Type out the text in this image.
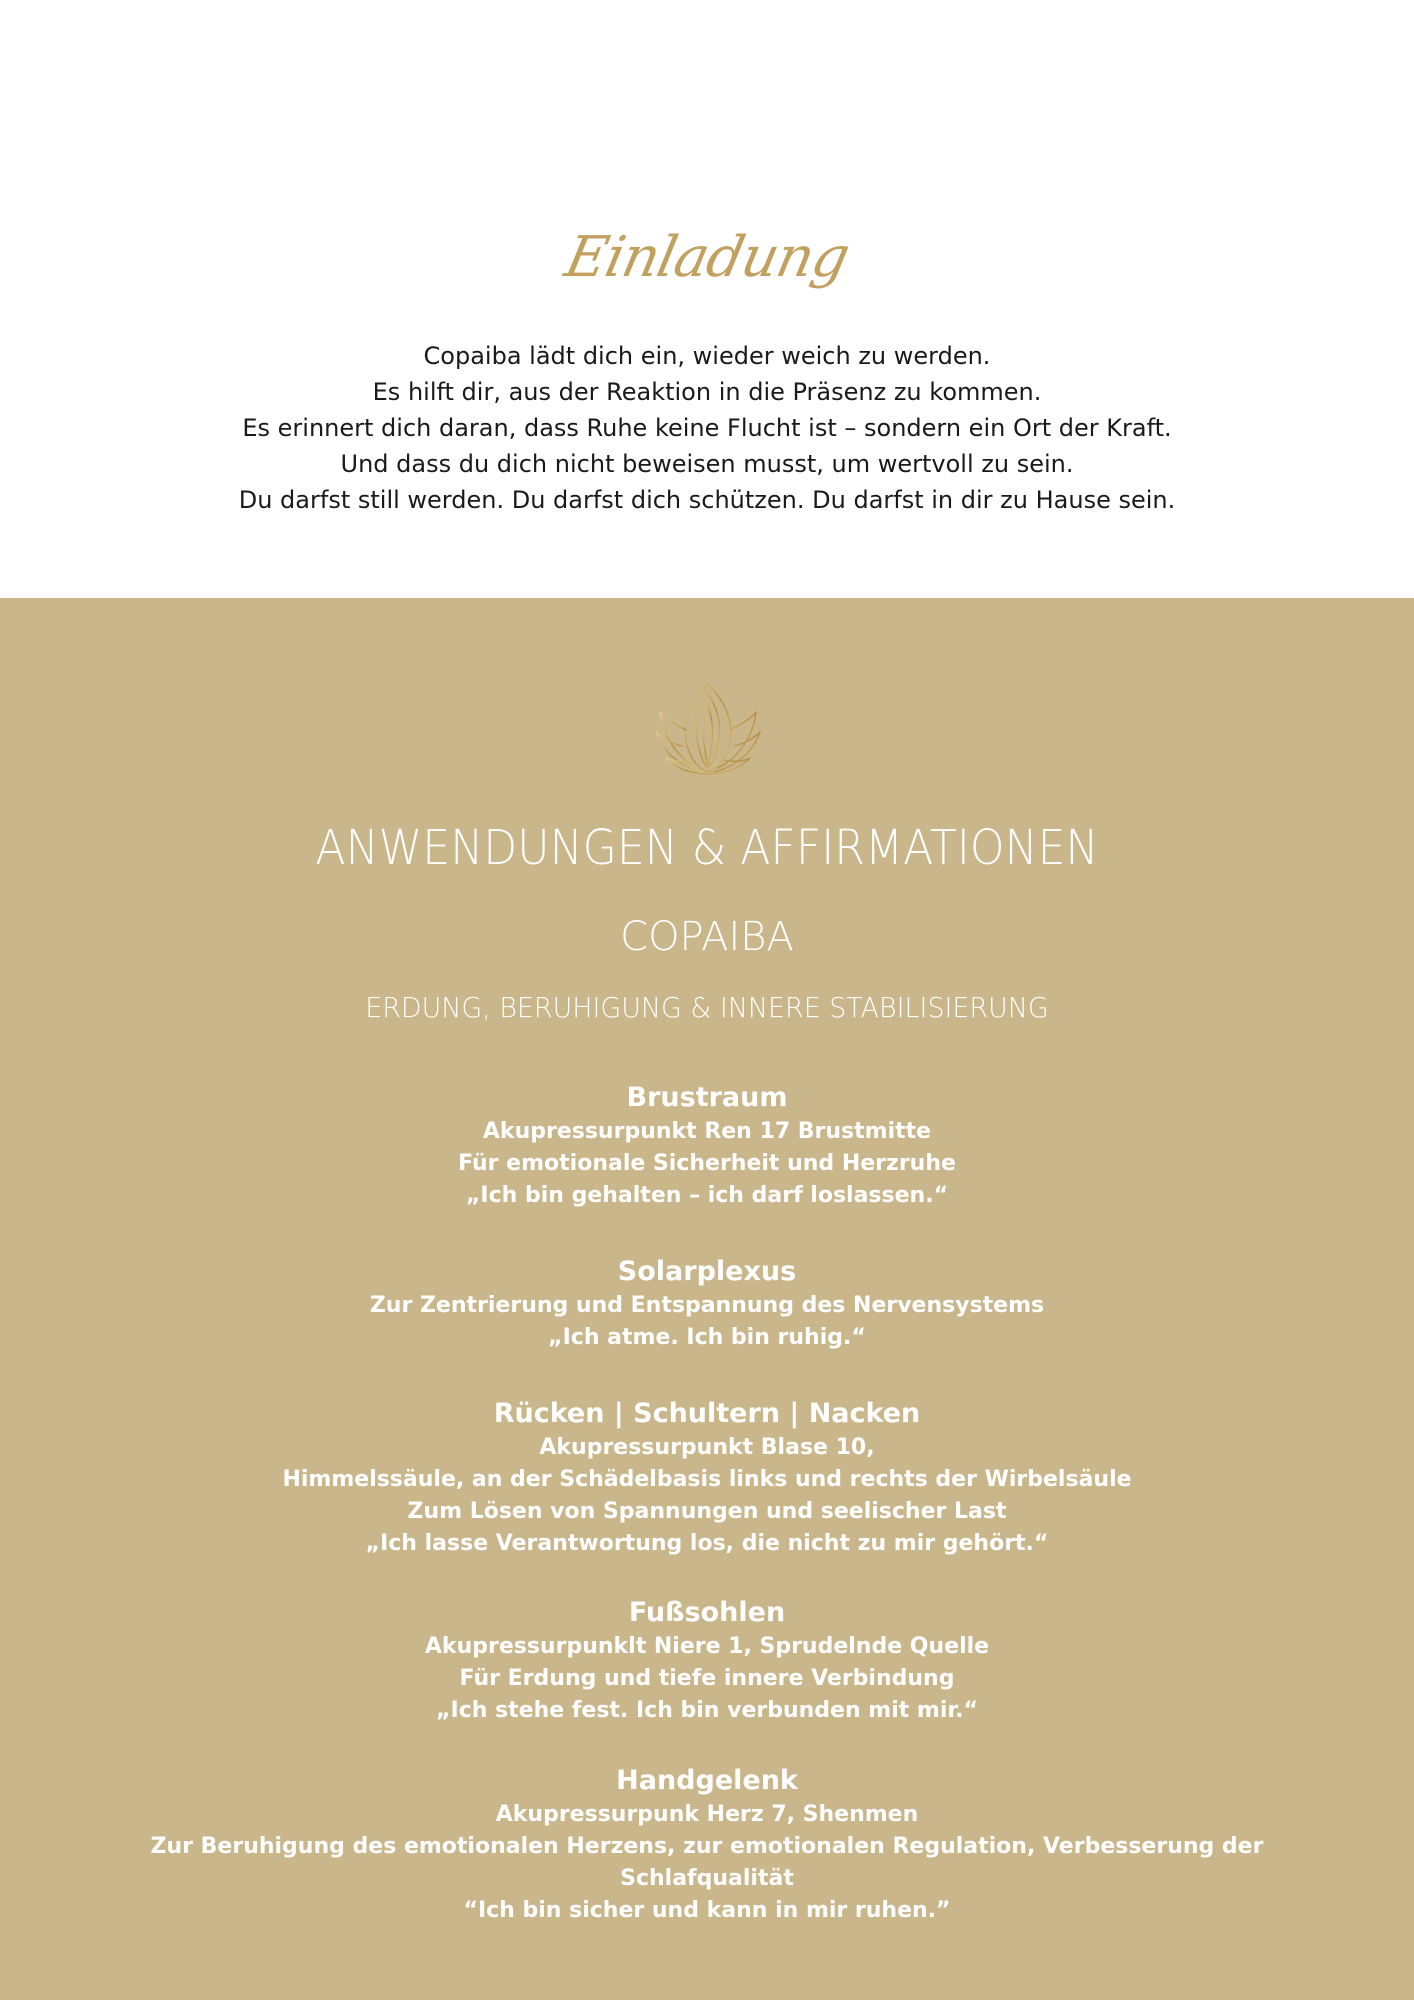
Einladung
Copaiba lädt dich ein, wieder weich zu werden.
Es hilft dir, aus der Reaktion in die Präsenz zu kommen.
Es erinnert dich daran, dass Ruhe keine Flucht ist – sondern ein Ort der Kraft.
Und dass du dich nicht beweisen musst, um wertvoll zu sein.
Du darfst still werden. Du darfst dich schützen. Du darfst in dir zu Hause sein.
ANWENDUNGEN & AFFIRMATIONEN
COPAIBA
ERDUNG, BERUHIGUNG & INNERE STABILISIERUNG
Brustraum
Akupressurpunkt Ren 17 Brustmitte
Für emotionale Sicherheit und Herzruhe
„Ich bin gehalten – ich darf loslassen.“
Solarplexus
Zur Zentrierung und Entspannung des Nervensystems
„Ich atme. Ich bin ruhig.“
Rücken | Schultern | Nacken
Akupressurpunkt Blase 10,
Himmelssäule, an der Schädelbasis links und rechts der Wirbelsäule
Zum Lösen von Spannungen und seelischer Last
„Ich lasse Verantwortung los, die nicht zu mir gehört.“
Fußsohlen
Akupressurpunklt Niere 1, Sprudelnde Quelle
Für Erdung und tiefe innere Verbindung
„Ich stehe fest. Ich bin verbunden mit mir.“
Handgelenk
Akupressurpunk Herz 7, Shenmen
Zur Beruhigung des emotionalen Herzens, zur emotionalen Regulation, Verbesserung der
Schlafqualität
“Ich bin sicher und kann in mir ruhen.”
